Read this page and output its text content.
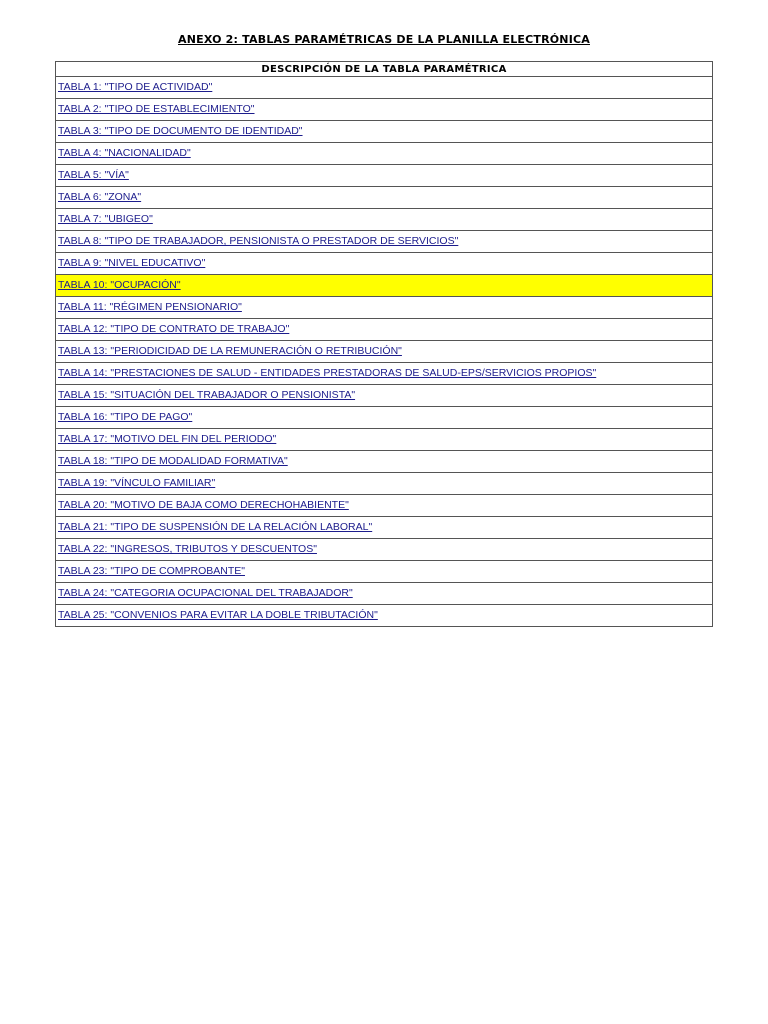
ANEXO 2: TABLAS PARAMÉTRICAS DE LA PLANILLA ELECTRÓNICA
DESCRIPCIÓN DE LA TABLA PARAMÉTRICA
TABLA 1: "TIPO DE ACTIVIDAD"
TABLA 2: "TIPO DE ESTABLECIMIENTO"
TABLA 3: "TIPO DE DOCUMENTO DE IDENTIDAD"
TABLA 4: "NACIONALIDAD"
TABLA 5: "VÍA"
TABLA 6: "ZONA"
TABLA 7: "UBIGEO"
TABLA 8: "TIPO DE TRABAJADOR, PENSIONISTA O PRESTADOR DE SERVICIOS"
TABLA 9: "NIVEL EDUCATIVO"
TABLA 10: "OCUPACIÓN"
TABLA 11: "RÉGIMEN PENSIONARIO"
TABLA 12: "TIPO DE CONTRATO DE TRABAJO"
TABLA 13: "PERIODICIDAD DE LA REMUNERACIÓN O RETRIBUCIÓN"
TABLA 14: "PRESTACIONES DE SALUD - ENTIDADES PRESTADORAS DE SALUD-EPS/SERVICIOS PROPIOS"
TABLA 15: "SITUACIÓN DEL TRABAJADOR O PENSIONISTA"
TABLA 16: "TIPO DE PAGO"
TABLA 17: "MOTIVO DEL FIN DEL PERIODO"
TABLA 18: "TIPO DE MODALIDAD FORMATIVA"
TABLA 19: "VÍNCULO FAMILIAR"
TABLA 20: "MOTIVO DE BAJA COMO DERECHOHABIENTE"
TABLA 21: "TIPO DE SUSPENSIÓN DE LA RELACIÓN LABORAL"
TABLA 22: "INGRESOS, TRIBUTOS Y DESCUENTOS"
TABLA 23: "TIPO DE COMPROBANTE"
TABLA 24: "CATEGORIA OCUPACIONAL DEL TRABAJADOR"
TABLA 25: "CONVENIOS PARA EVITAR LA DOBLE TRIBUTACIÓN"
